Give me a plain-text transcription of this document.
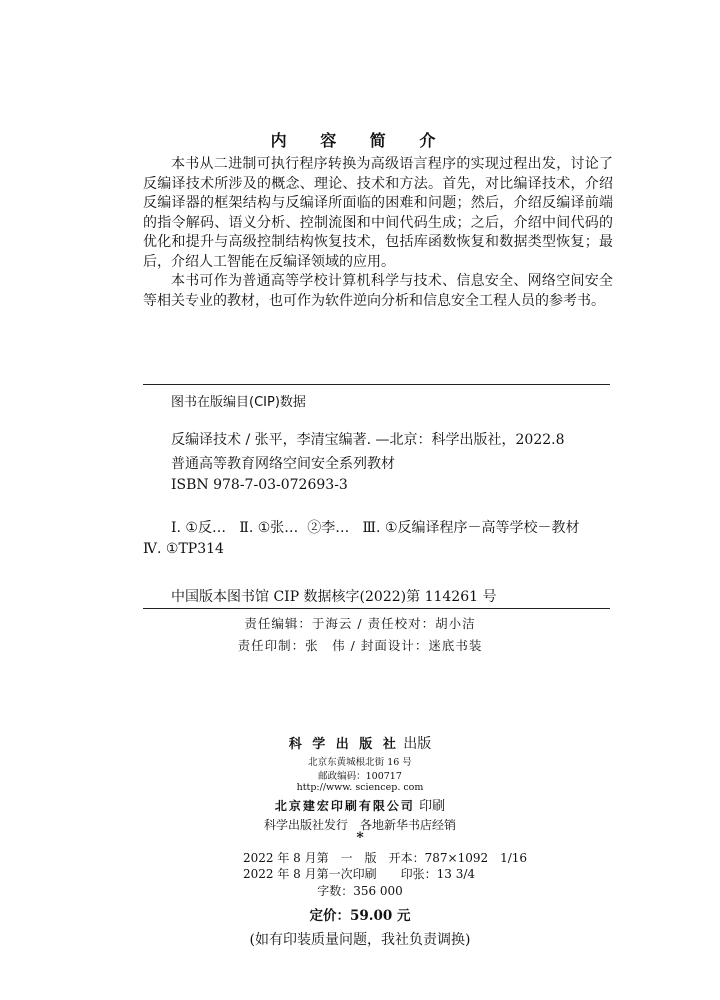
内 容 简 介

本书从二进制可执行程序转换为高级语言程序的实现过程出发，讨论了反编译技术所涉及的概念、理论、技术和方法。首先，对比编译技术，介绍反编译器的框架结构与反编译所面临的困难和问题；然后，介绍反编译前端的指令解码、语义分析、控制流图和中间代码生成；之后，介绍中间代码的优化和提升与高级控制结构恢复技术，包括库函数恢复和数据类型恢复；最后，介绍人工智能在反编译领域的应用。

本书可作为普通高等学校计算机科学与技术、信息安全、网络空间安全等相关专业的教材，也可作为软件逆向分析和信息安全工程人员的参考书。

图书在版编目(CIP)数据
反编译技术 / 张平，李清宝编著. —北京：科学出版社，2022.8
普通高等教育网络空间安全系列教材
ISBN 978-7-03-072693-3
Ⅰ. ①反…   Ⅱ. ①张…  ②李…   Ⅲ. ①反编译程序－高等学校－教材
Ⅳ. ①TP314
中国版本图书馆 CIP 数据核字(2022)第 114261 号
责任编辑：于海云 / 责任校对：胡小洁
责任印制：张　伟 / 封面设计：迷底书装
科 学 出 版 社 出版
北京东黄城根北街 16 号
邮政编码：100717
http://www. sciencep. com
北京建宏印刷有限公司 印刷
科学出版社发行　各地新华书店经销
*
2022 年 8 月第　一　版　开本：787×1092　1/16
2022 年 8 月第一次印刷　　印张：13 3/4
字数：356 000
定价：59.00 元
(如有印装质量问题，我社负责调换)
